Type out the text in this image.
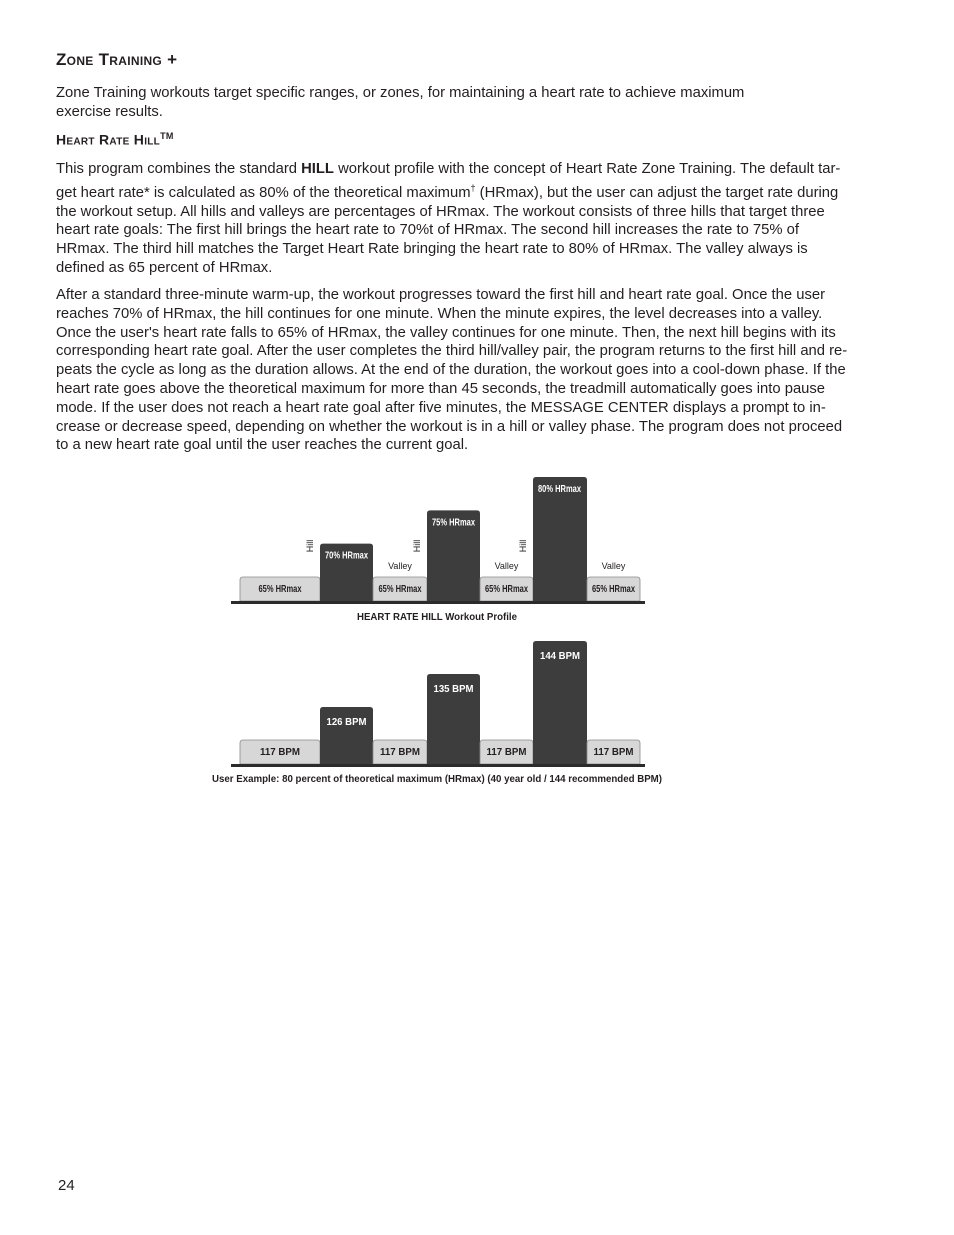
Zone Training +

Zone Training workouts target specific ranges, or zones, for maintaining a heart rate to achieve maximum
exercise results.

Heart Rate Hill™

This program combines the standard HILL workout profile with the concept of Heart Rate Zone Training. The default tar-
get heart rate* is calculated as 80% of the theoretical maximum† (HRmax), but the user can adjust the target rate during
the workout setup. All hills and valleys are percentages of HRmax. The workout consists of three hills that target three
heart rate goals: The first hill brings the heart rate to 70%t of HRmax. The second hill increases the rate to 75% of
HRmax. The third hill matches the Target Heart Rate bringing the heart rate to 80% of HRmax. The valley always is
defined as 65 percent of HRmax.

After a standard three-minute warm-up, the workout progresses toward the first hill and heart rate goal. Once the user
reaches 70% of HRmax, the hill continues for one minute. When the minute expires, the level decreases into a valley.
Once the user's heart rate falls to 65% of HRmax, the valley continues for one minute. Then, the next hill begins with its
corresponding heart rate goal. After the user completes the third hill/valley pair, the program returns to the first hill and re-
peats the cycle as long as the duration allows. At the end of the duration, the workout goes into a cool-down phase. If the
heart rate goes above the theoretical maximum for more than 45 seconds, the treadmill automatically goes into pause
mode. If the user does not reach a heart rate goal after five minutes, the MESSAGE CENTER displays a prompt to in-
crease or decrease speed, depending on whether the workout is in a hill or valley phase. The program does not proceed
to a new heart rate goal until the user reaches the current goal.

65% HRmax
70% HRmax
Hill
65% HRmax
Valley
75% HRmax
Hill
65% HRmax
Valley
80% HRmax
Hill
65% HRmax
Valley
HEART RATE HILL Workout Profile
117 BPM
126 BPM
117 BPM
135 BPM
117 BPM
144 BPM
117 BPM
User Example: 80 percent of theoretical maximum (HRmax) (40 year old / 144 recommended BPM)
24
